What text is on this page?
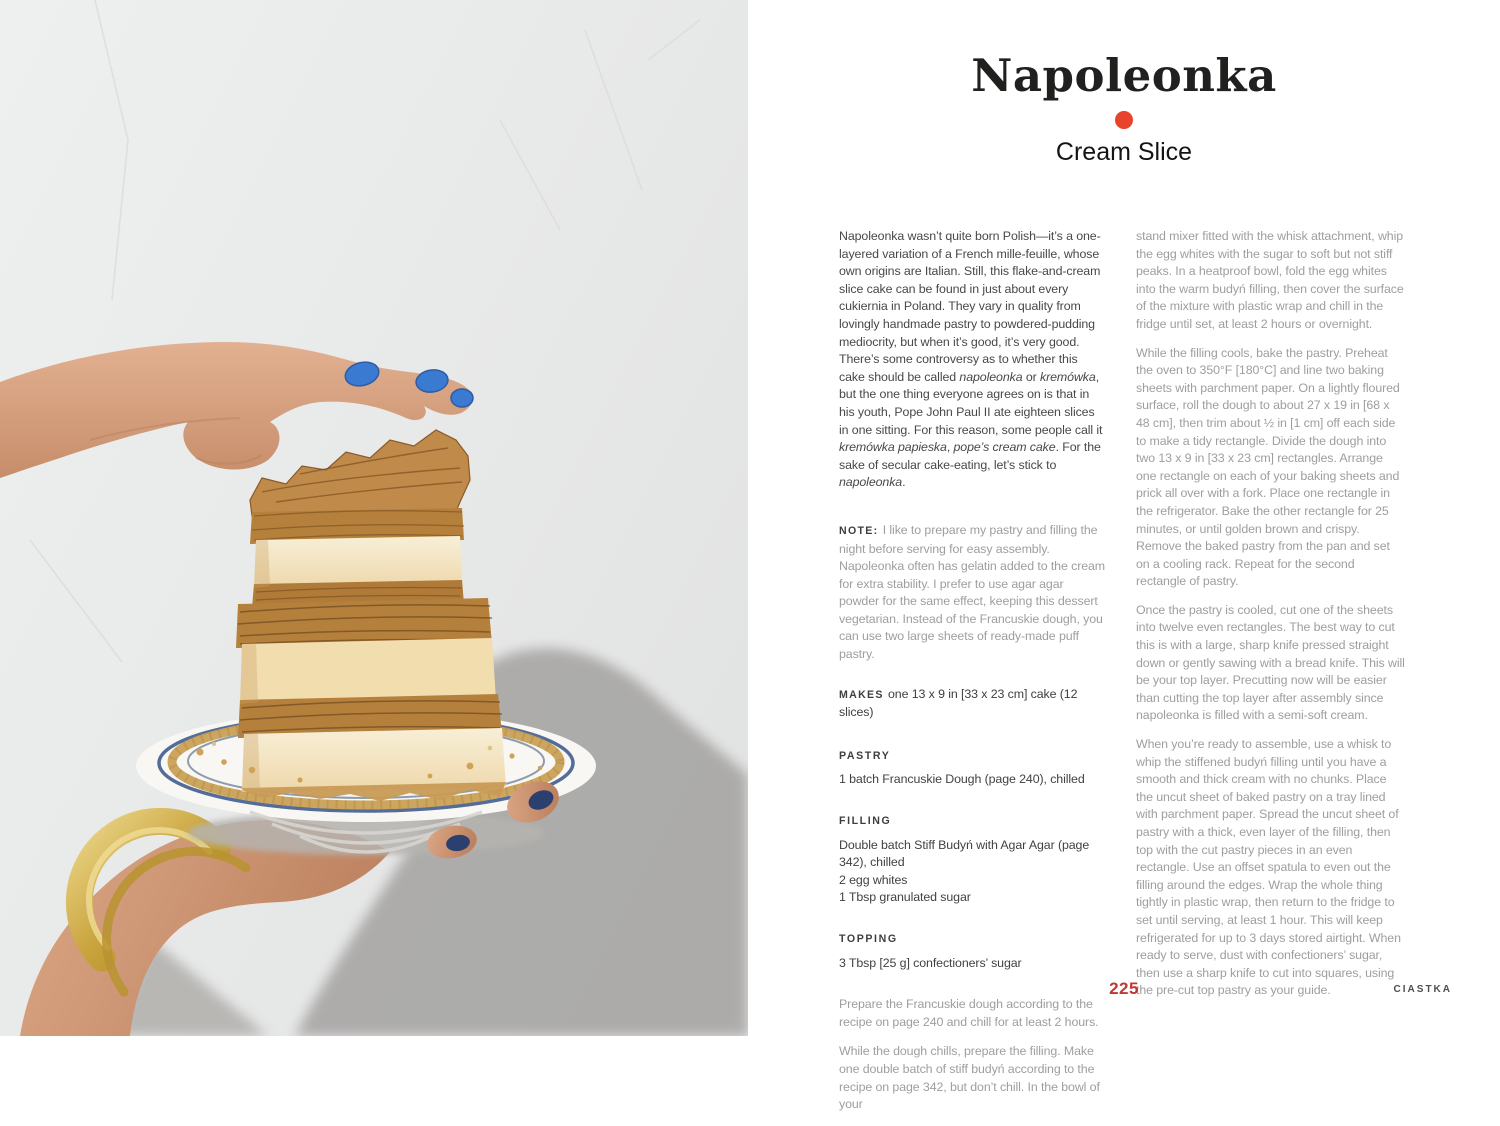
Napoleonka
Cream Slice

Napoleonka wasn’t quite born Polish—it’s a one-layered variation of a French mille-feuille, whose own origins are Italian. Still, this flake-and-cream slice cake can be found in just about every cukiernia in Poland. They vary in quality from lovingly handmade pastry to powdered-pudding mediocrity, but when it’s good, it’s very good. There’s some controversy as to whether this cake should be called napoleonka or kremówka, but the one thing everyone agrees on is that in his youth, Pope John Paul II ate eighteen slices in one sitting. For this reason, some people call it kremówka papieska, pope’s cream cake. For the sake of secular cake-eating, let’s stick to napoleonka.

NOTE: I like to prepare my pastry and filling the night before serving for easy assembly. Napoleonka often has gelatin added to the cream for extra stability. I prefer to use agar agar powder for the same effect, keeping this dessert vegetarian. Instead of the Francuskie dough, you can use two large sheets of ready-made puff pastry.

MAKES one 13 x 9 in [33 x 23 cm] cake (12 slices)

PASTRY

1 batch Francuskie Dough (page 240), chilled

FILLING

Double batch Stiff Budyń with Agar Agar (page 342), chilled

2 egg whites

1 Tbsp granulated sugar

TOPPING

3 Tbsp [25 g] confectioners’ sugar

Prepare the Francuskie dough according to the recipe on page 240 and chill for at least 2 hours.

While the dough chills, prepare the filling. Make one double batch of stiff budyń according to the recipe on page 342, but don’t chill. In the bowl of your

stand mixer fitted with the whisk attachment, whip the egg whites with the sugar to soft but not stiff peaks. In a heatproof bowl, fold the egg whites into the warm budyń filling, then cover the surface of the mixture with plastic wrap and chill in the fridge until set, at least 2 hours or overnight.

While the filling cools, bake the pastry. Preheat the oven to 350°F [180°C] and line two baking sheets with parchment paper. On a lightly floured surface, roll the dough to about 27 x 19 in [68 x 48 cm], then trim about ½ in [1 cm] off each side to make a tidy rectangle. Divide the dough into two 13 x 9 in [33 x 23 cm] rectangles. Arrange one rectangle on each of your baking sheets and prick all over with a fork. Place one rectangle in the refrigerator. Bake the other rectangle for 25 minutes, or until golden brown and crispy. Remove the baked pastry from the pan and set on a cooling rack. Repeat for the second rectangle of pastry.

Once the pastry is cooled, cut one of the sheets into twelve even rectangles. The best way to cut this is with a large, sharp knife pressed straight down or gently sawing with a bread knife. This will be your top layer. Precutting now will be easier than cutting the top layer after assembly since napoleonka is filled with a semi-soft cream.

When you’re ready to assemble, use a whisk to whip the stiffened budyń filling until you have a smooth and thick cream with no chunks. Place the uncut sheet of baked pastry on a tray lined with parchment paper. Spread the uncut sheet of pastry with a thick, even layer of the filling, then top with the cut pastry pieces in an even rectangle. Use an offset spatula to even out the filling around the edges. Wrap the whole thing tightly in plastic wrap, then return to the fridge to set until serving, at least 1 hour. This will keep refrigerated for up to 3 days stored airtight. When ready to serve, dust with confectioners’ sugar, then use a sharp knife to cut into squares, using the pre-cut top pastry as your guide.

225	CIASTKA
